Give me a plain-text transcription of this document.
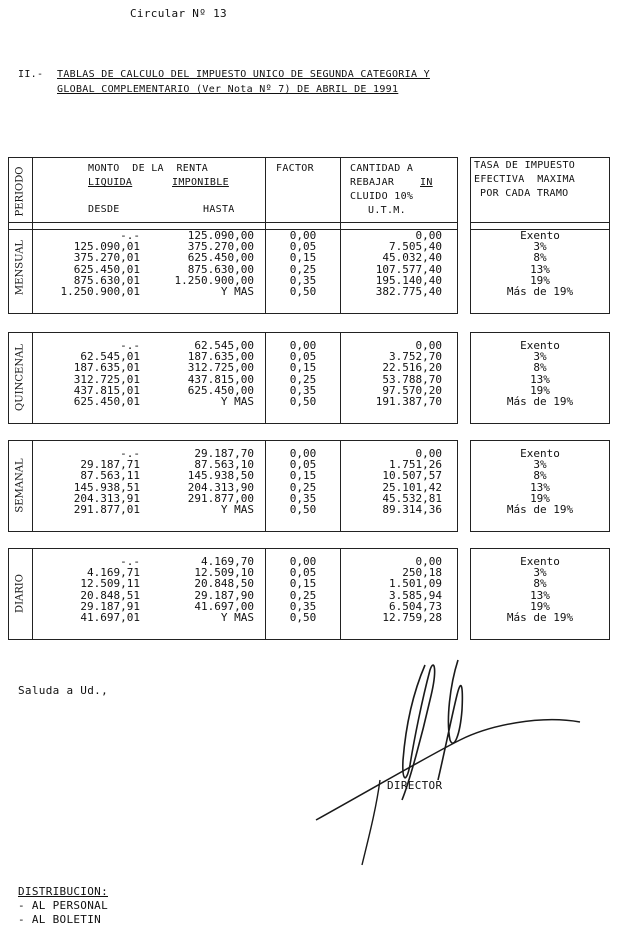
Circular Nº 13
II.- TABLAS DE CALCULO DEL IMPUESTO UNICO DE SEGUNDA CATEGORIA Y
GLOBAL COMPLEMENTARIO (Ver Nota Nº 7) DE ABRIL DE 1991
PERIODO	MONTO  DE LA  RENTA
LIQUIDA	IMPONIBLE
DESDE	HASTA
FACTOR	CANTIDAD A
REBAJAR	IN
CLUIDO 10%
U.T.M.
TASA DE IMPUESTO
EFECTIVA  MAXIMA
POR CADA TRAMO
MENSUAL
-.-	125.090,00	0,00	0,00	Exento
125.090,01	375.270,00	0,05	7.505,40	3%
375.270,01	625.450,00	0,15	45.032,40	8%
625.450,01	875.630,00	0,25	107.577,40	13%
875.630,01	1.250.900,00	0,35	195.140,40	19%
1.250.900,01	Y MAS	0,50	382.775,40	Más de 19%
QUINCENAL	-.-	62.545,00	0,00	0,00	Exento
62.545,01	187.635,00	0,05	3.752,70	3%
187.635,01	312.725,00	0,15	22.516,20	8%
312.725,01	437.815,00	0,25	53.788,70	13%
437.815,01	625.450,00	0,35	97.570,20	19%
625.450,01	Y MAS	0,50	191.387,70	Más de 19%
SEMANAL
-.-	29.187,70	0,00	0,00	Exento
29.187,71	87.563,10	0,05	1.751,26	3%
87.563,11	145.938,50	0,15	10.507,57	8%
145.938,51	204.313,90	0,25	25.101,42	13%
204.313,91	291.877,00	0,35	45.532,81	19%
291.877,01	Y MAS	0,50	89.314,36	Más de 19%
DIARIO
-.-	4.169,70	0,00	0,00	Exento
4.169,71	12.509,10	0,05	250,18	3%
12.509,11	20.848,50	0,15	1.501,09	8%
20.848,51	29.187,90	0,25	3.585,94	13%
29.187,91	41.697,00	0,35	6.504,73	19%
41.697,01	Y MAS	0,50	12.759,28	Más de 19%
Saluda a Ud.,
DIRECTOR
DISTRIBUCION:
- AL PERSONAL
- AL BOLETIN
